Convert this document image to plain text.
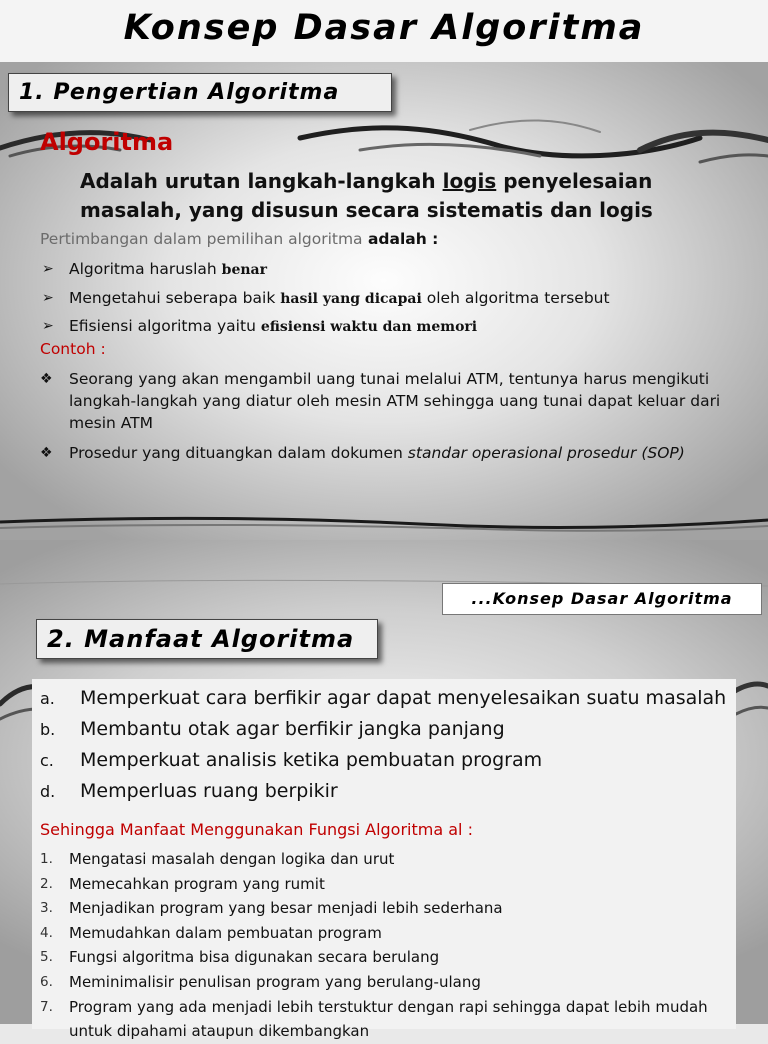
Konsep Dasar Algoritma
1. Pengertian Algoritma
Algoritma
Adalah urutan langkah-langkah logis penyelesaian masalah, yang disusun secara sistematis dan logis
Pertimbangan dalam pemilihan algoritma adalah :
➢ Algoritma haruslah benar
➢ Mengetahui seberapa baik hasil yang dicapai oleh algoritma tersebut
➢ Efisiensi algoritma yaitu efisiensi waktu dan memori
Contoh :
❖ Seorang yang akan mengambil uang tunai melalui ATM, tentunya harus mengikuti langkah-langkah yang diatur oleh mesin ATM sehingga uang tunai dapat keluar dari mesin ATM
❖ Prosedur yang dituangkan dalam dokumen standar operasional prosedur (SOP)
...Konsep Dasar Algoritma
2. Manfaat Algoritma
a. Memperkuat cara berfikir agar dapat menyelesaikan suatu masalah
b. Membantu otak agar berfikir jangka panjang
c. Memperkuat analisis ketika pembuatan program
d. Memperluas ruang berpikir
Sehingga Manfaat Menggunakan Fungsi Algoritma al :
1. Mengatasi masalah dengan logika dan urut
2. Memecahkan program yang rumit
3. Menjadikan program yang besar menjadi lebih sederhana
4. Memudahkan dalam pembuatan program
5. Fungsi algoritma bisa digunakan secara berulang
6. Meminimalisir penulisan program yang berulang-ulang
7. Program yang ada menjadi lebih terstuktur dengan rapi sehingga dapat lebih mudah untuk dipahami ataupun dikembangkan
